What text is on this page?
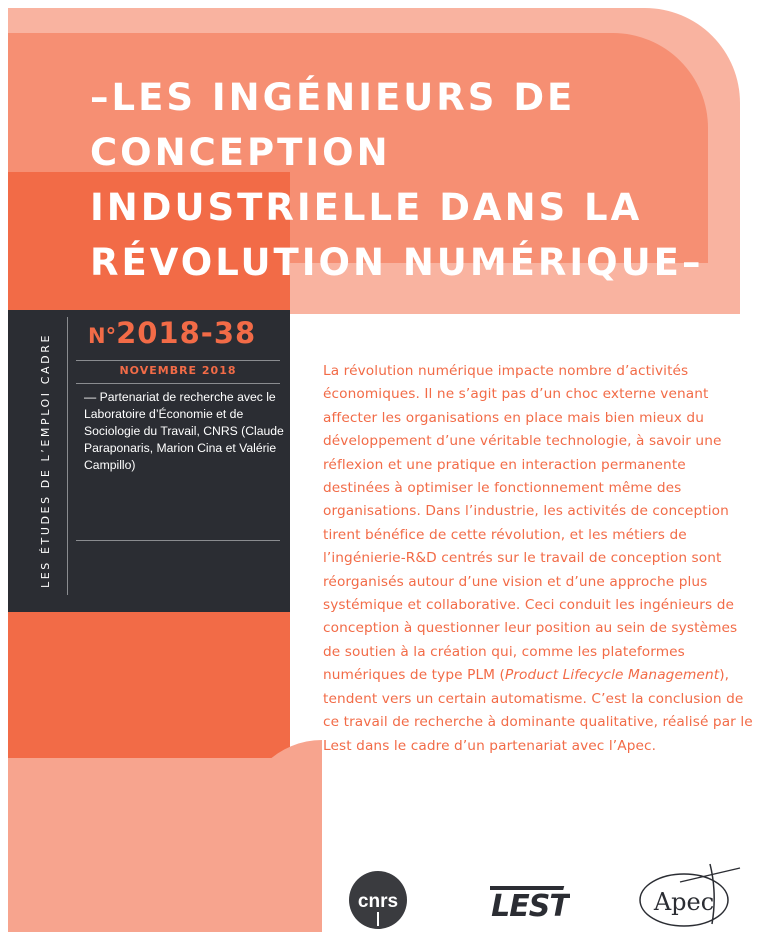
–LES INGÉNIEURS DE CONCEPTION INDUSTRIELLE DANS LA RÉVOLUTION NUMÉRIQUE–
LES ÉTUDES DE L’EMPLOI CADRE N°2018-38
NOVEMBRE 2018

— Partenariat de recherche avec le Laboratoire d’Économie et de Sociologie du Travail, CNRS (Claude Paraponaris, Marion Cina et Valérie Campillo)

La révolution numérique impacte nombre d’activités économiques. Il ne s’agit pas d’un choc externe venant affecter les organisations en place mais bien mieux du développement d’une véritable technologie, à savoir une réflexion et une pratique en interaction permanente destinées à optimiser le fonctionnement même des organisations. Dans l’industrie, les activités de conception tirent bénéfice de cette révolution, et les métiers de l’ingénierie-R&D centrés sur le travail de conception sont réorganisés autour d’une vision et d’une approche plus systémique et collaborative. Ceci conduit les ingénieurs de conception à questionner leur position au sein de systèmes de soutien à la création qui, comme les plateformes numériques de type PLM (Product Lifecycle Management), tendent vers un certain automatisme. C’est la conclusion de ce travail de recherche à dominante qualitative, réalisé par le Lest dans le cadre d’un partenariat avec l’Apec.

cnrs	LEST	Apec
